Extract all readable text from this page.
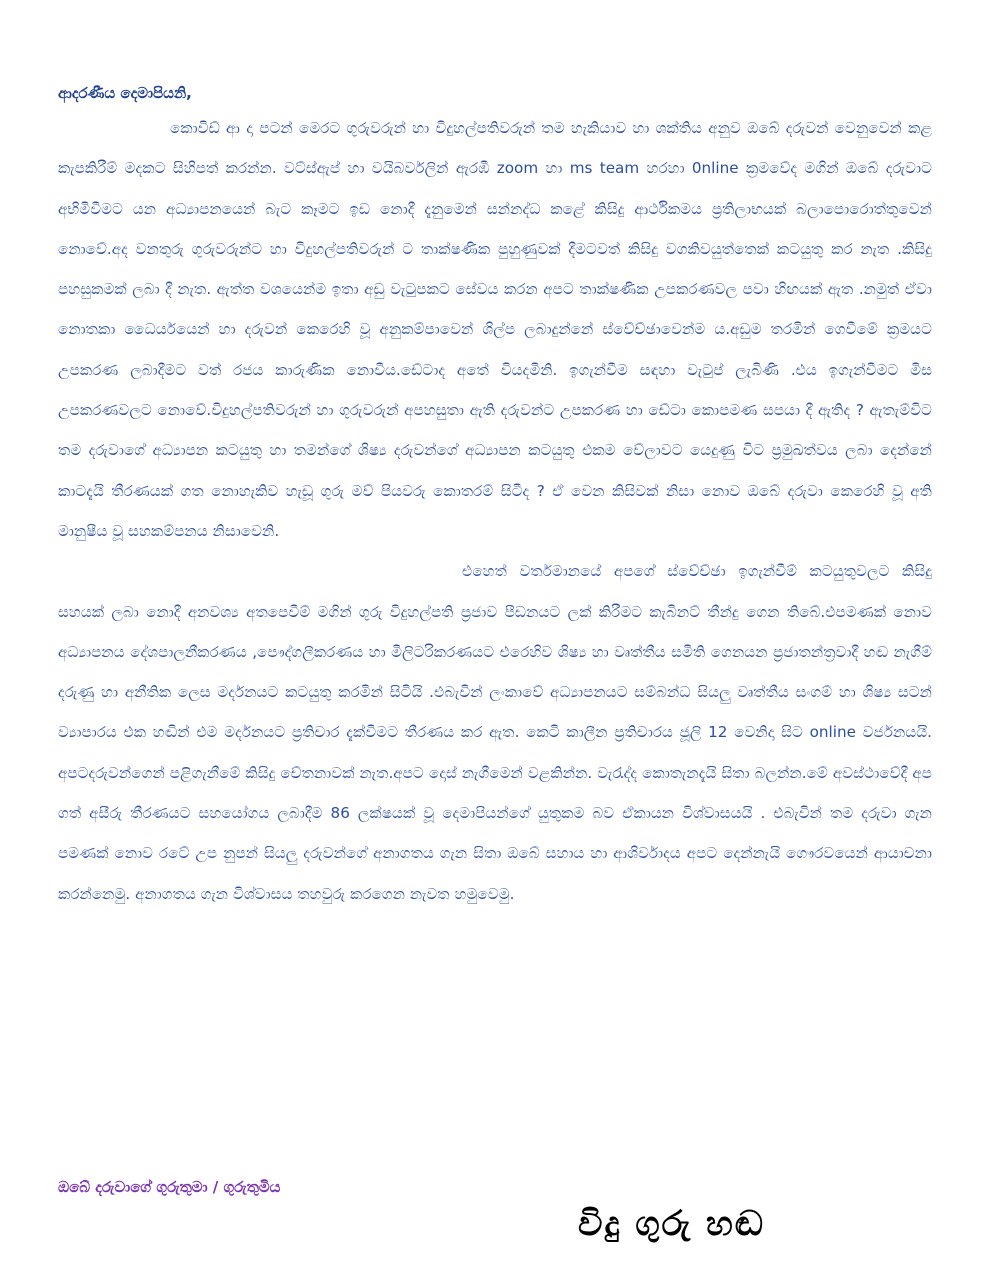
ආදරණීය දෙමාපියනි,

කොවිඩ් ආ දා පටන් මෙරට ගුරුවරුන් හා විදුහල්පතිවරුන් තම හැකියාව හා ශක්තිය අනුව ඔබේ දරුවන් වෙනුවෙන් කළ කැපකිරීම් මදකට සිහිපත් කරන්න. වට්ස්ඇප් හා වයිබර්වලින් ඇරඹී zoom හා ms team හරහා 0nline ක්‍රමවේද මගින් ඔබේ දරුවාට අභිමිවීමට යන අධ්‍යාපනයෙන් බැට කෑමට ඉඩ නොදී දැනුමෙන් සන්නද්ධ කළේ කිසිදු ආර්ථිකමය ප්‍රතිලාභයක් බලාපොරොත්තුවෙන් නොවේ.අද වනතුරු ගුරුවරුන්ට හා විදුහල්පතිවරුන් ට තාක්ෂණික පුහුණුවක් දීමටවත් කිසිදු වගකිවයුත්තෙක් කටයුතු කර නැත .කිසිදු පහසුකමක් ලබා දී නැත. ඇත්ත වශයෙන්ම ඉතා අඩු වැටුපකට සේවය කරන අපට තාක්ෂණික උපකරණවල පවා හිඟයක් ඇත .නමුත් ඒවා නොතකා ධෛර්යයෙන් හා දරුවන් කෙරෙහි වූ අනුකම්පාවෙන් ශිල්ප ලබාදුන්නේ ස්වේච්ඡාවෙන්ම ය.අඩුම තරමින් ගෙවීමේ ක්‍රමයට උපකරණ ලබාදීමට වත් රජය කාරුණික නොවීය.ඩේටාද අතේ වියදමිනි. ඉගැන්වීම සඳහා වැටුප් ලැබිණි .එය ඉගැන්වීමට මිස උපකරණවලට නොවේ.විදුහල්පතිවරුන් හා ගුරුවරුන් අපහසුතා ඇති දරුවන්ට උපකරණ හා ඩේටා කොපමණ සපයා දී ඇතිද ? ඇතැම්විට තම දරුවාගේ අධ්‍යාපන කටයුතු හා තමන්ගේ ශිෂ්‍ය දරුවන්ගේ අධ්‍යාපන කටයුතු එකම වේලාවට යෙදුණු විට ප්‍රමුඛත්වය ලබා දෙන්නේ කාටදැයි තීරණයක් ගත නොහැකිව හැඩූ ගුරු මව් පියවරු කොතරම් සිටීද ? ඒ වෙන කිසිවක් නිසා නොව ඔබේ දරුවා කෙරෙහි වූ අති මානුෂීය වූ සහකම්පනය නිසාවෙනි.

එහෙත් වර්තමානයේ අපගේ ස්වේච්ඡා ඉගැන්වීම් කටයුතුවලට කිසිදු සහයක් ලබා නොදී අනවශ්‍ය අතපෙවීම් මගින් ගුරු විදුහල්පති ප්‍රජාව පීඩනයට ලක් කිරීමට කැබිනට් තීන්දු ගෙන තිබේ.එපමණක් නොව අධ්‍යාපනය දේශපාලනීකරණය ,පෞද්ගලීකරණය හා මිලිටරිකරණයට එරෙහිව ශිෂ්‍ය හා වෘත්තීය සමිති ගෙනයන ප්‍රජාතන්ත්‍රවාදී හඬ නැගීම් දරුණු හා අනීතික ලෙස මර්දනයට කටයුතු කරමින් සිටියි .එබැවින් ලංකාවේ අධ්‍යාපනයට සම්බන්ධ සියලු වෘත්තීය සංගම් හා ශිෂ්‍ය සටන් ව්‍යාපාරය එක හඬින් එම මර්දනයට ප්‍රතිචාර දැක්වීමට තීරණය කර ඇත. කෙටි කාලීන ප්‍රතිචාරය ජූලි 12 වෙනිදා සිට online වර්ජනයයි. අපටදරුවන්ගෙන් පළිගැනීමේ කිසිදු චේතනාවක් නැත.අපට දොස් නැගීමෙන් වළකින්න. වැරැද්ද කොතැනදැයි සිතා බලන්න.මේ අවස්ථාවේදී අප ගත් අසීරු තීරණයට සහයෝගය ලබාදීම 86 ලක්ෂයක් වූ දෙමාපියන්ගේ යුතුකම බව ඒකායන විශ්වාසයයි . එබැවින් තම දරුවා ගැන පමණක් නොව රටේ උප නුපන් සියලු දරුවන්ගේ අනාගතය ගැන සිතා ඔබේ සහාය හා ආශිර්වාදය අපට දෙන්නැයි ගෞරවයෙන් ආයාචනා කරන්නෙමු. අනාගතය ගැන විශ්වාසය තහවුරු කරගෙන නැවත හමුවෙමු.

ඔබේ දරුවාගේ ගුරුතුමා / ගුරුතුමිය
විදු ගුරු හඬ
